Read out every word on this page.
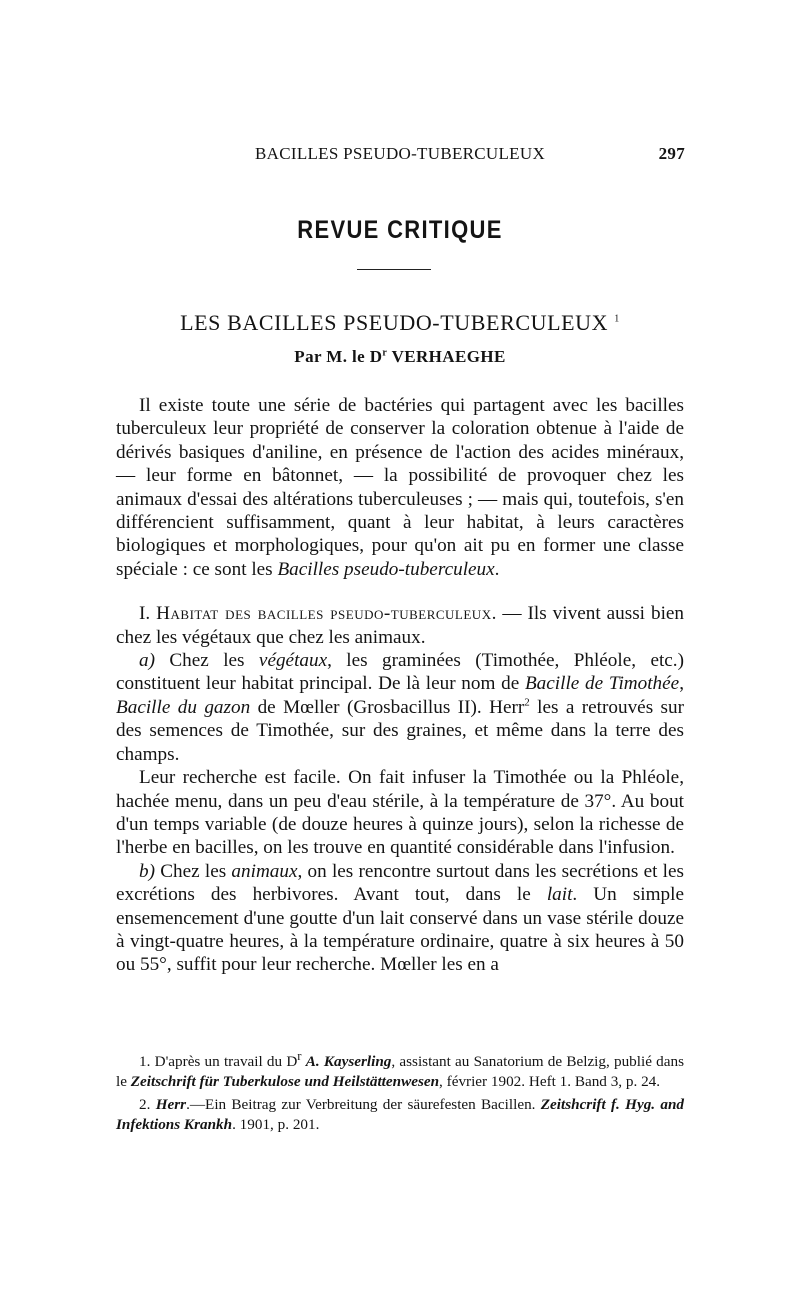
BACILLES PSEUDO-TUBERCULEUX	297
REVUE CRITIQUE
LES BACILLES PSEUDO-TUBERCULEUX $^1$
Par M. le $D^r$ VERHAEGHE

Il existe toute une série de bactéries qui partagent avec les bacilles tuberculeux leur propriété de conserver la coloration obtenue à l'aide de dérivés basiques d'aniline, en présence de l'action des acides minéraux, — leur forme en bâtonnet, — la possibilité de provoquer chez les animaux d'essai des altérations tuberculeuses ; — mais qui, toutefois, s'en différencient suffisamment, quant à leur habitat, à leurs caractères biologiques et morphologiques, pour qu'on ait pu en former une classe spéciale : ce sont les Bacilles pseudo-tuberculeux.

I. Habitat des bacilles pseudo-tuberculeux. — Ils vivent aussi bien chez les végétaux que chez les animaux.

a) Chez les végétaux, les graminées (Timothée, Phléole, etc.) constituent leur habitat principal. De là leur nom de Bacille de Timothée, Bacille du gazon de Mœller (Grosbacillus II). Herr$^2$ les a retrouvés sur des semences de Timothée, sur des graines, et même dans la terre des champs.

Leur recherche est facile. On fait infuser la Timothée ou la Phléole, hachée menu, dans un peu d'eau stérile, à la température de 37°. Au bout d'un temps variable (de douze heures à quinze jours), selon la richesse de l'herbe en bacilles, on les trouve en quantité considérable dans l'infusion.

b) Chez les animaux, on les rencontre surtout dans les secrétions et les excrétions des herbivores. Avant tout, dans le lait. Un simple ensemencement d'une goutte d'un lait conservé dans un vase stérile douze à vingt-quatre heures, à la température ordinaire, quatre à six heures à 50 ou 55°, suffit pour leur recherche. Mœller les en a

1. D'après un travail du $D^r$ A. Kayserling, assistant au Sanatorium de Belzig, publié dans le Zeitschrift für Tuberkulose und Heilstättenwesen, février 1902. Heft 1. Band 3, p. 24.

2. Herr.—Ein Beitrag zur Verbreitung der säurefesten Bacillen. Zeitshcrift f. Hyg. and Infektions Krankh. 1901, p. 201.
